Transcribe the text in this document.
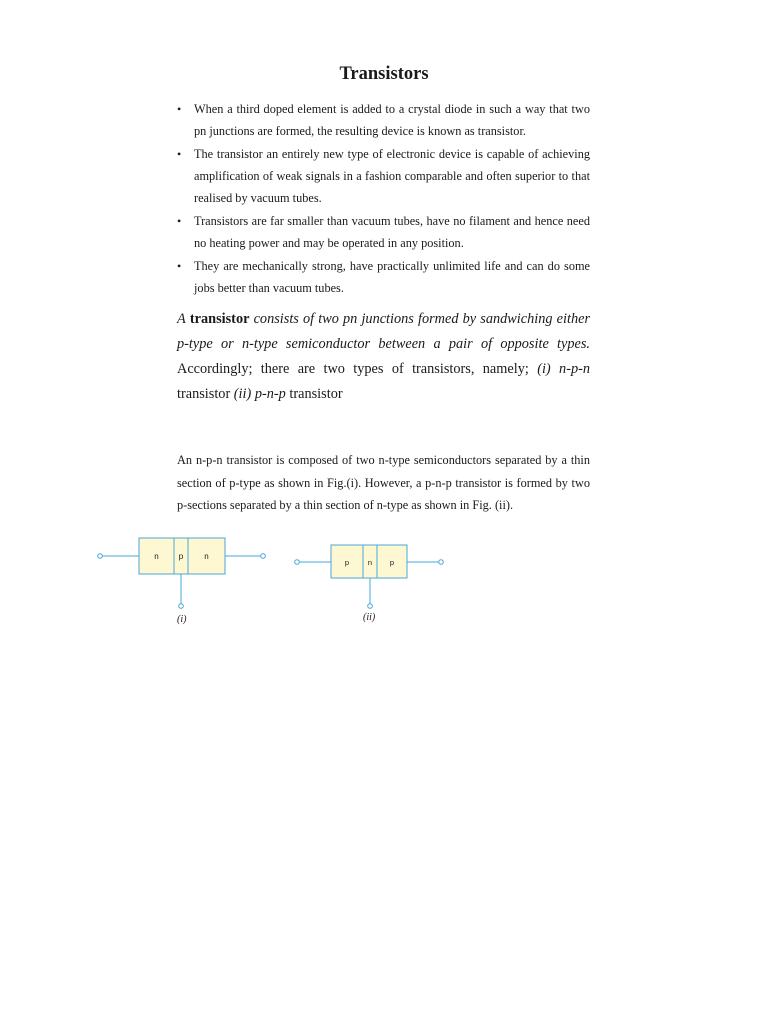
Transistors
• When a third doped element is added to a crystal diode in such a way that two pn junctions are formed, the resulting device is known as transistor.
• The transistor an entirely new type of electronic device is capable of achieving amplification of weak signals in a fashion comparable and often superior to that realised by vacuum tubes.
• Transistors are far smaller than vacuum tubes, have no filament and hence need no heating power and may be operated in any position.
• They are mechanically strong, have practically unlimited life and can do some jobs better than vacuum tubes.

A transistor consists of two pn junctions formed by sandwiching either p-type or n-type semiconductor between a pair of opposite types. Accordingly; there are two types of transistors, namely; (i) n-p-n transistor (ii) p-n-p transistor

An n-p-n transistor is composed of two n-type semiconductors separated by a thin section of p-type as shown in Fig.(i). However, a p-n-p transistor is formed by two p-sections separated by a thin section of n-type as shown in Fig. (ii).

n	p	n
(i)
p	n p
(ii)
